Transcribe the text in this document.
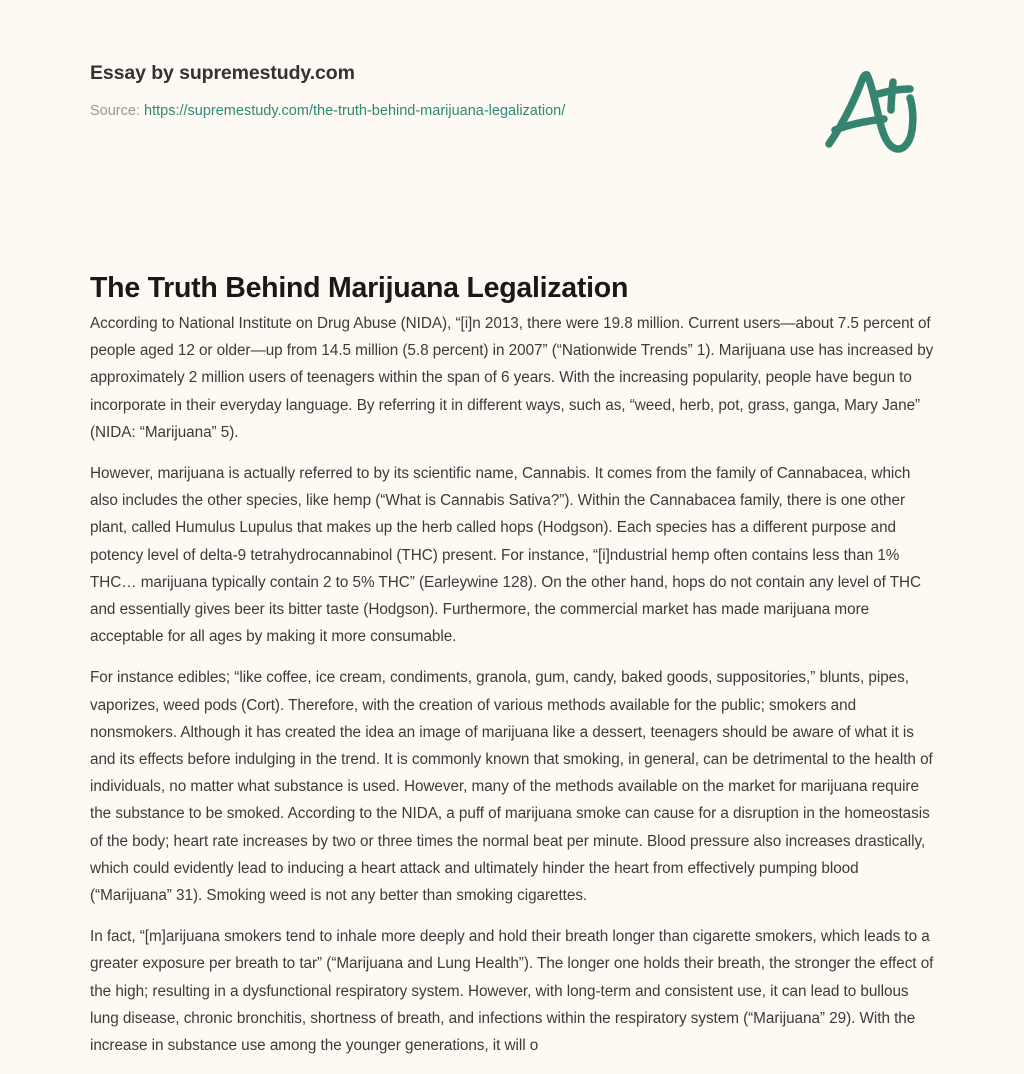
Essay by supremestudy.com
Source: https://supremestudy.com/the-truth-behind-marijuana-legalization/
The Truth Behind Marijuana Legalization

According to National Institute on Drug Abuse (NIDA), “[i]n 2013, there were 19.8 million. Current users—about 7.5 percent of people aged 12 or older—up from 14.5 million (5.8 percent) in 2007” (“Nationwide Trends” 1). Marijuana use has increased by approximately 2 million users of teenagers within the span of 6 years. With the increasing popularity, people have begun to incorporate in their everyday language. By referring it in different ways, such as, “weed, herb, pot, grass, ganga, Mary Jane” (NIDA: “Marijuana” 5).

However, marijuana is actually referred to by its scientific name, Cannabis. It comes from the family of Cannabacea, which also includes the other species, like hemp (“What is Cannabis Sativa?”). Within the Cannabacea family, there is one other plant, called Humulus Lupulus that makes up the herb called hops (Hodgson). Each species has a different purpose and potency level of delta-9 tetrahydrocannabinol (THC) present. For instance, “[i]ndustrial hemp often contains less than 1% THC… marijuana typically contain 2 to 5% THC” (Earleywine 128). On the other hand, hops do not contain any level of THC and essentially gives beer its bitter taste (Hodgson). Furthermore, the commercial market has made marijuana more acceptable for all ages by making it more consumable.

For instance edibles; “like coffee, ice cream, condiments, granola, gum, candy, baked goods, suppositories,” blunts, pipes, vaporizes, weed pods (Cort). Therefore, with the creation of various methods available for the public; smokers and nonsmokers. Although it has created the idea an image of marijuana like a dessert, teenagers should be aware of what it is and its effects before indulging in the trend. It is commonly known that smoking, in general, can be detrimental to the health of individuals, no matter what substance is used. However, many of the methods available on the market for marijuana require the substance to be smoked. According to the NIDA, a puff of marijuana smoke can cause for a disruption in the homeostasis of the body; heart rate increases by two or three times the normal beat per minute. Blood pressure also increases drastically, which could evidently lead to inducing a heart attack and ultimately hinder the heart from effectively pumping blood (“Marijuana” 31). Smoking weed is not any better than smoking cigarettes.

In fact, “[m]arijuana smokers tend to inhale more deeply and hold their breath longer than cigarette smokers, which leads to a greater exposure per breath to tar” (“Marijuana and Lung Health”). The longer one holds their breath, the stronger the effect of the high; resulting in a dysfunctional respiratory system. However, with long-term and consistent use, it can lead to bullous lung disease, chronic bronchitis, shortness of breath, and infections within the respiratory system (“Marijuana” 29). With the increase in substance use among the younger generations, it will o
